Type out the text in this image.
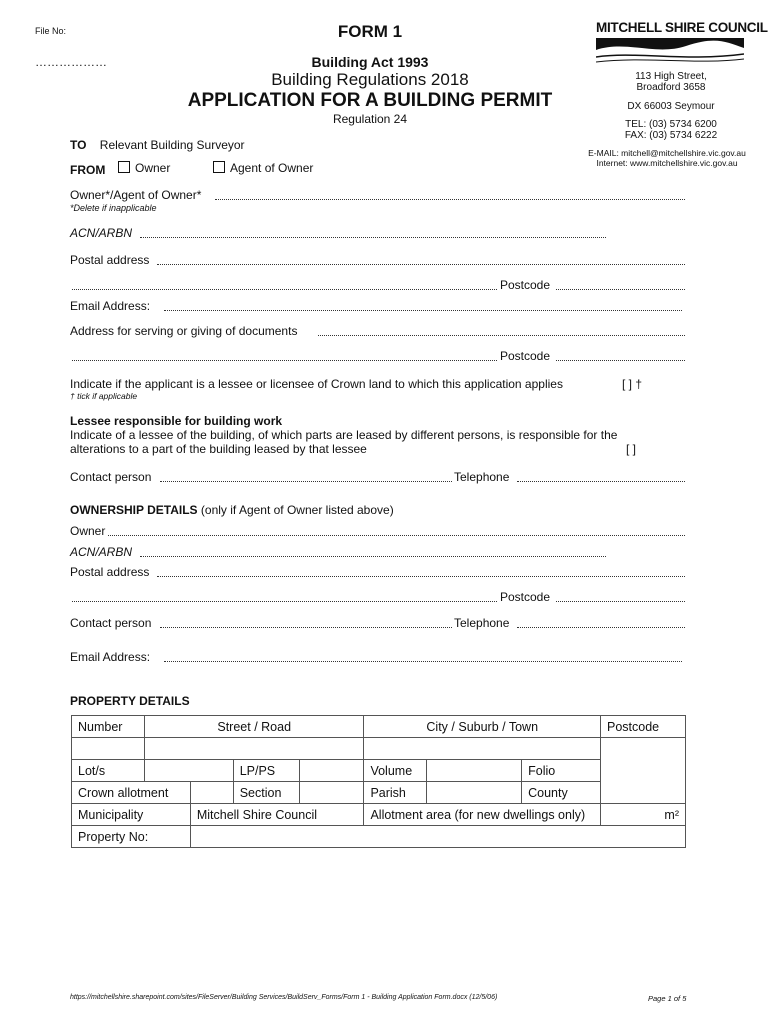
File No:
………………
FORM 1
Building Act 1993
Building Regulations 2018
APPLICATION FOR A BUILDING PERMIT
Regulation 24
MITCHELL SHIRE COUNCIL
113 High Street,
Broadford 3658
DX 66003 Seymour
TEL: (03) 5734 6200
FAX: (03) 5734 6222
E-MAIL: mitchell@mitchellshire.vic.gov.au
Internet: www.mitchellshire.vic.gov.au
TO Relevant Building Surveyor
FROM	Owner	Agent of Owner
Owner*/Agent of Owner*
*Delete if inapplicable
ACN/ARBN
Postal address
Postcode
Email Address:
Address for serving or giving of documents
Postcode
Indicate if the applicant is a lessee or licensee of Crown land to which this application applies	[ ] †
† tick if applicable
Lessee responsible for building work
Indicate of a lessee of the building, of which parts are leased by different persons, is responsible for the
alterations to a part of the building leased by that lessee	[ ]
Contact person	Telephone
OWNERSHIP DETAILS (only if Agent of Owner listed above)
Owner
ACN/ARBN
Postal address
Postcode
Contact person	Telephone
Email Address:
PROPERTY DETAILS
Number	Street / Road				City / Suburb / Town			Postcode

Lot/s			LP/PS		Volume		Folio	
Crown allotment			Section		Parish		County	
Municipality		Mitchell Shire Council			Allotment area (for new dwellings only)			m²
Property No:								
https://mitchellshire.sharepoint.com/sites/FileServer/Building Services/BuildServ_Forms/Form 1 - Building Application Form.docx (12/5/06)	Page 1 of 5
